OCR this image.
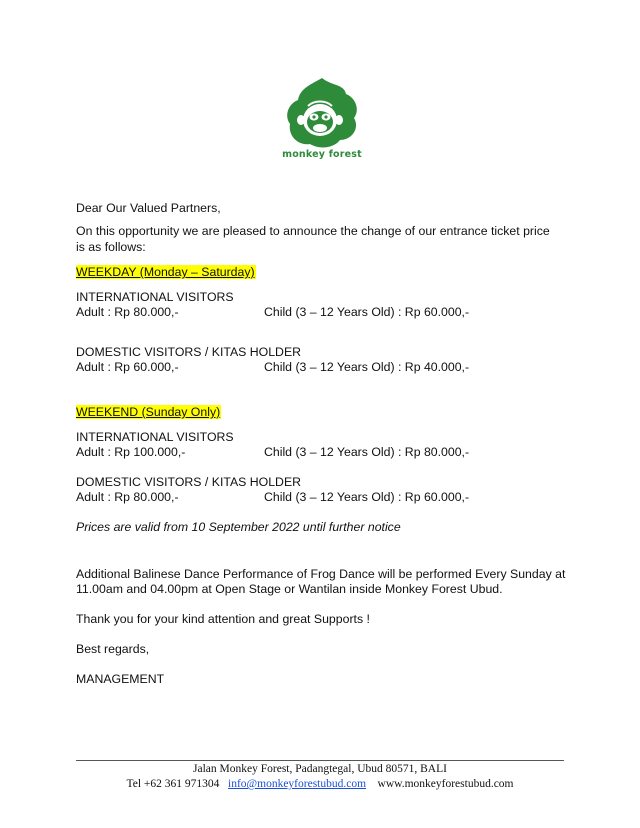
monkey forest
Dear Our Valued Partners,
On this opportunity we are pleased to announce the change of our entrance ticket price
is as follows:
WEEKDAY (Monday – Saturday)
INTERNATIONAL VISITORS
Adult : Rp 80.000,-	Child (3 – 12 Years Old) : Rp 60.000,-
DOMESTIC VISITORS / KITAS HOLDER
Adult : Rp 60.000,-	Child (3 – 12 Years Old) : Rp 40.000,-
WEEKEND (Sunday Only)
INTERNATIONAL VISITORS
Adult : Rp 100.000,-	Child (3 – 12 Years Old) : Rp 80.000,-
DOMESTIC VISITORS / KITAS HOLDER
Adult : Rp 80.000,-	Child (3 – 12 Years Old) : Rp 60.000,-
Prices are valid from 10 September 2022 until further notice
Additional Balinese Dance Performance of Frog Dance will be performed Every Sunday at
11.00am and 04.00pm at Open Stage or Wantilan inside Monkey Forest Ubud.
Thank you for your kind attention and great Supports !
Best regards,
MANAGEMENT
Jalan Monkey Forest, Padangtegal, Ubud 80571, BALI
Tel +62 361 971304 info@monkeyforestubud.com www.monkeyforestubud.com
